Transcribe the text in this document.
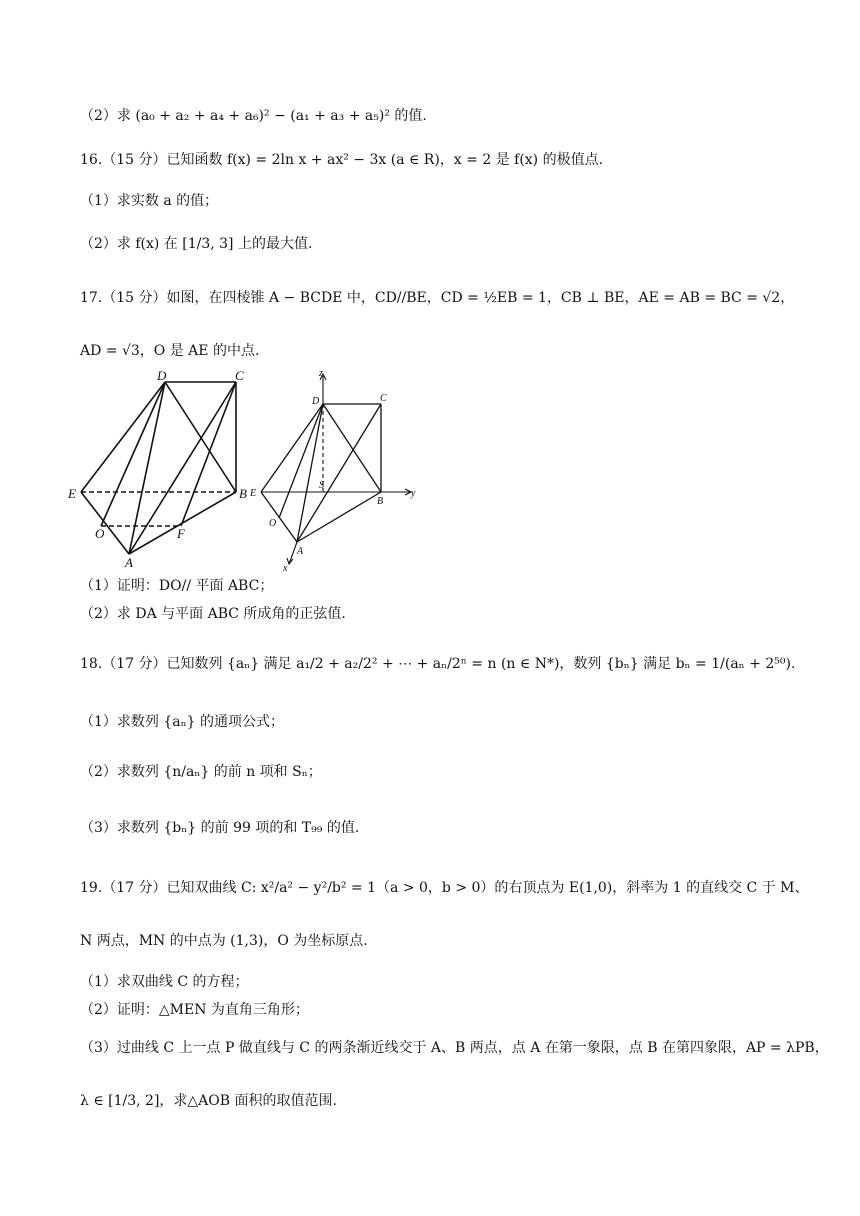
（2）求 (a₀ + a₂ + a₄ + a₆)² − (a₁ + a₃ + a₅)² 的值.
16.（15 分）已知函数 f(x) = 2ln x + ax² − 3x (a ∈ R)，x = 2 是 f(x) 的极值点.
（1）求实数 a 的值；
（2）求 f(x) 在 [1/3, 3] 上的最大值.
17.（15 分）如图，在四棱锥 A − BCDE 中，CD//BE，CD = ½EB = 1，CB ⊥ BE，AE = AB = BC = √2，
AD = √3，O 是 AE 的中点.
D	C
E	B
O	F
A
z
D	C
E
S
y
B
O
A
x
（1）证明：DO// 平面 ABC；
（2）求 DA 与平面 ABC 所成角的正弦值.
18.（17 分）已知数列 {aₙ} 满足 a₁/2 + a₂/2² + ⋯ + aₙ/2ⁿ = n (n ∈ N*)，数列 {bₙ} 满足 bₙ = 1/(aₙ + 2⁵⁰).
（1）求数列 {aₙ} 的通项公式；
（2）求数列 {n/aₙ} 的前 n 项和 Sₙ；
（3）求数列 {bₙ} 的前 99 项的和 T₉₉ 的值.
19.（17 分）已知双曲线 C: x²/a² − y²/b² = 1（a > 0，b > 0）的右顶点为 E(1,0)，斜率为 1 的直线交 C 于 M、
N 两点，MN 的中点为 (1,3)，O 为坐标原点.
（1）求双曲线 C 的方程；
（2）证明：△MEN 为直角三角形；
（3）过曲线 C 上一点 P 做直线与 C 的两条渐近线交于 A、B 两点，点 A 在第一象限，点 B 在第四象限，AP = λPB，
λ ∈ [1/3, 2]，求△AOB 面积的取值范围.
